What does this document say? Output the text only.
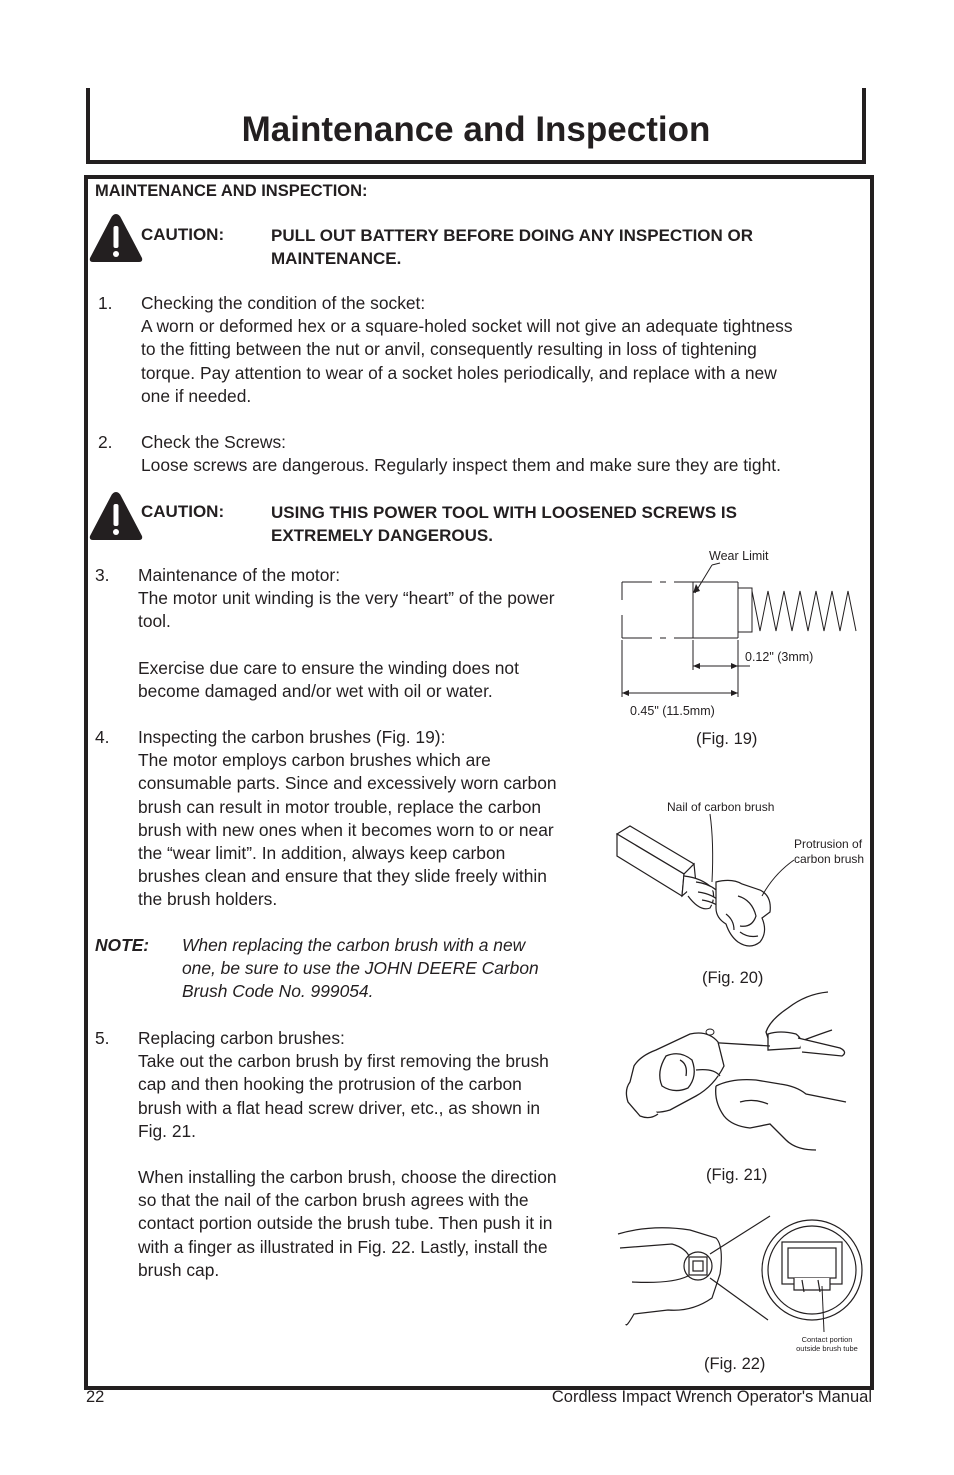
Maintenance and Inspection
MAINTENANCE AND INSPECTION:
CAUTION:	PULL OUT BATTERY BEFORE DOING ANY INSPECTION OR
MAINTENANCE.
1. Checking the condition of the socket:
A worn or deformed hex or a square-holed socket will not give an adequate tightness
to the fitting between the nut or anvil, consequently resulting in loss of tightening
torque. Pay attention to wear of a socket holes periodically, and replace with a new
one if needed.
2. Check the Screws:
Loose screws are dangerous. Regularly inspect them and make sure they are tight.
CAUTION:	USING THIS POWER TOOL WITH LOOSENED SCREWS IS
EXTREMELY DANGEROUS.
3. Maintenance of the motor:
The motor unit winding is the very “heart” of the power
tool.
Exercise due care to ensure the winding does not
become damaged and/or wet with oil or water.
4. Inspecting the carbon brushes (Fig. 19):
The motor employs carbon brushes which are
consumable parts. Since and excessively worn carbon
brush can result in motor trouble, replace the carbon
brush with new ones when it becomes worn to or near
the “wear limit”. In addition, always keep carbon
brushes clean and ensure that they slide freely within
the brush holders.
NOTE: When replacing the carbon brush with a new
one, be sure to use the JOHN DEERE Carbon
Brush Code No. 999054.
5. Replacing carbon brushes:
Take out the carbon brush by first removing the brush
cap and then hooking the protrusion of the carbon
brush with a flat head screw driver, etc., as shown in
Fig. 21.
When installing the carbon brush, choose the direction
so that the nail of the carbon brush agrees with the
contact portion outside the brush tube. Then push it in
with a finger as illustrated in Fig. 22. Lastly, install the
brush cap.
Wear Limit
0.12" (3mm)
0.45" (11.5mm)
(Fig. 19)
Nail of carbon brush
Protrusion of
carbon brush
(Fig. 20)
(Fig. 21)
Contact portion
outside brush tube
(Fig. 22)
22	Cordless Impact Wrench Operator's Manual
